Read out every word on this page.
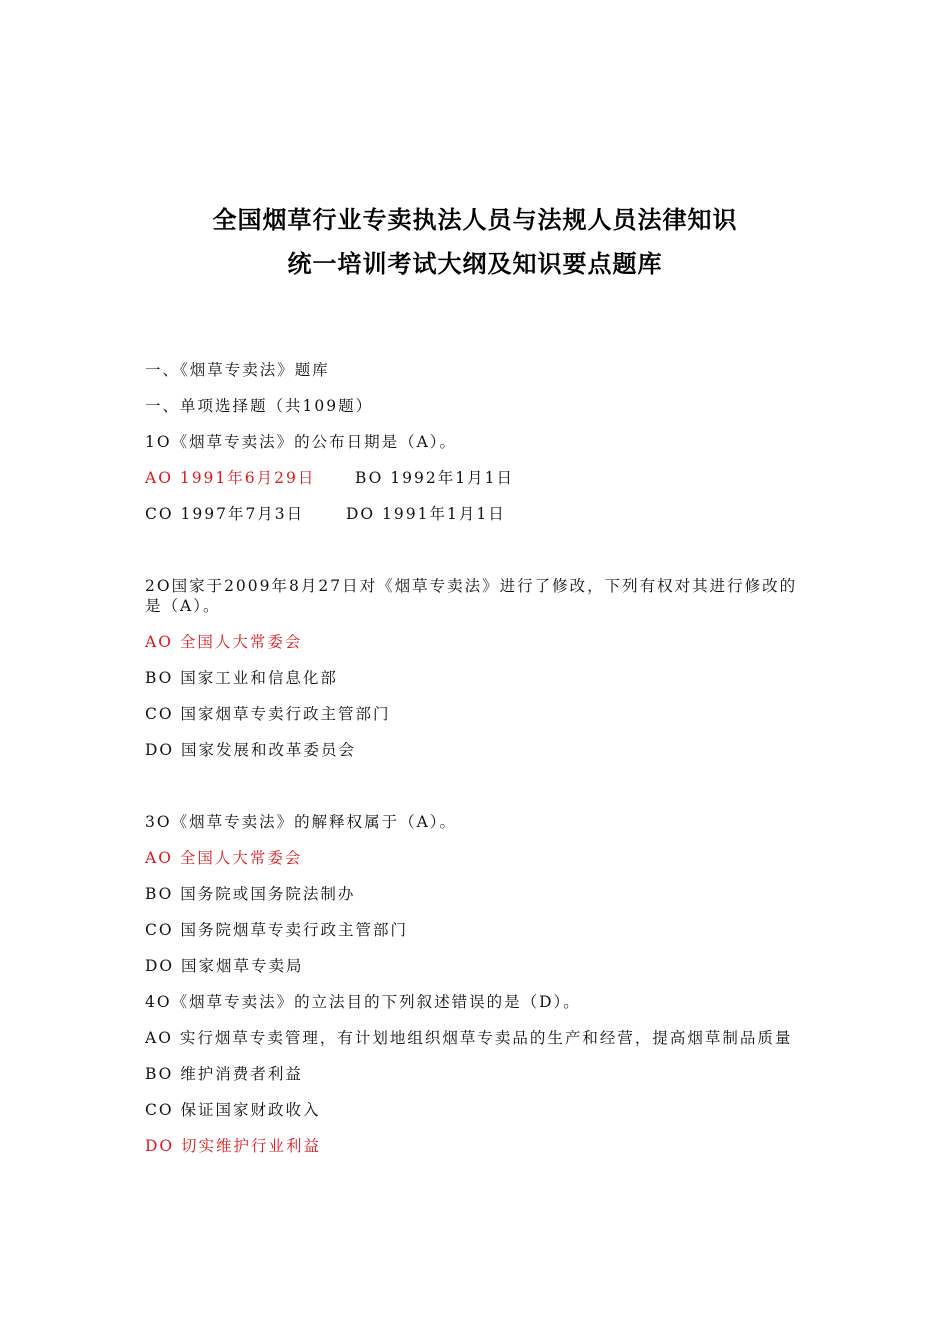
全国烟草行业专卖执法人员与法规人员法律知识
统一培训考试大纲及知识要点题库
一、《烟草专卖法》题库
一、单项选择题（共109题）
1O《烟草专卖法》的公布日期是（A）。
AO 1991年6月29日	BO 1992年1月1日
CO 1997年7月3日	DO 1991年1月1日
2O国家于2009年8月27日对《烟草专卖法》进行了修改，下列有权对其进行修改的是（A）。
AO 全国人大常委会
BO 国家工业和信息化部
CO 国家烟草专卖行政主管部门
DO 国家发展和改革委员会
3O《烟草专卖法》的解释权属于（A）。
AO 全国人大常委会
BO 国务院或国务院法制办
CO 国务院烟草专卖行政主管部门
DO 国家烟草专卖局
4O《烟草专卖法》的立法目的下列叙述错误的是（D）。
AO 实行烟草专卖管理，有计划地组织烟草专卖品的生产和经营，提高烟草制品质量
BO 维护消费者利益
CO 保证国家财政收入
DO 切实维护行业利益
